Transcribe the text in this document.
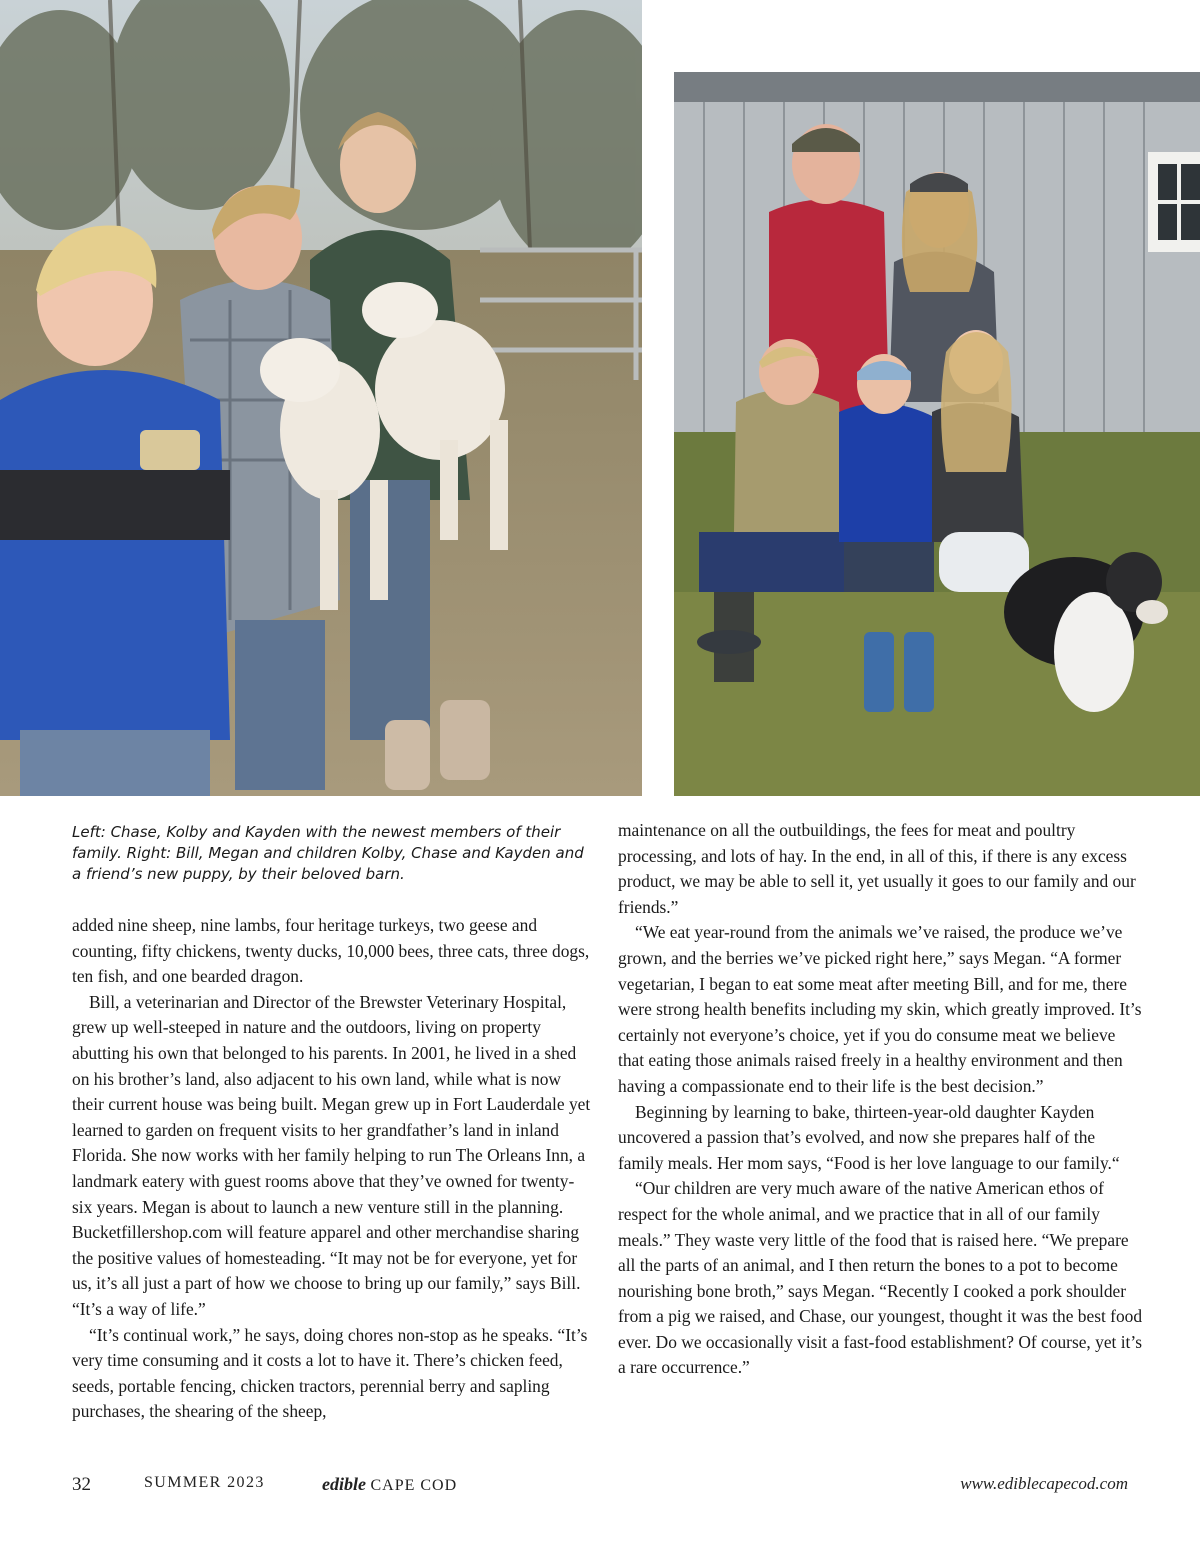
Left: Chase, Kolby and Kayden with the newest members of their family. Right: Bill, Megan and children Kolby, Chase and Kayden and a friend’s new puppy, by their beloved barn.

added nine sheep, nine lambs, four heritage turkeys, two geese and counting, fifty chickens, twenty ducks, 10,000 bees, three cats, three dogs, ten fish, and one bearded dragon.

Bill, a veterinarian and Director of the Brewster Veterinary Hospital, grew up well-steeped in nature and the outdoors, living on property abutting his own that belonged to his parents. In 2001, he lived in a shed on his brother’s land, also adjacent to his own land, while what is now their current house was being built. Megan grew up in Fort Lauderdale yet learned to garden on frequent visits to her grandfather’s land in inland Florida. She now works with her family helping to run The Orleans Inn, a landmark eatery with guest rooms above that they’ve owned for twenty-six years. Megan is about to launch a new venture still in the planning. Bucketfillershop.com will feature apparel and other merchandise sharing the positive values of homesteading. “It may not be for everyone, yet for us, it’s all just a part of how we choose to bring up our family,” says Bill. “It’s a way of life.”

“It’s continual work,” he says, doing chores non-stop as he speaks. “It’s very time consuming and it costs a lot to have it. There’s chicken feed, seeds, portable fencing, chicken tractors, perennial berry and sapling purchases, the shearing of the sheep,

maintenance on all the outbuildings, the fees for meat and poultry processing, and lots of hay. In the end, in all of this, if there is any excess product, we may be able to sell it, yet usually it goes to our family and our friends.”

“We eat year-round from the animals we’ve raised, the produce we’ve grown, and the berries we’ve picked right here,” says Megan. “A former vegetarian, I began to eat some meat after meeting Bill, and for me, there were strong health benefits including my skin, which greatly improved. It’s certainly not everyone’s choice, yet if you do consume meat we believe that eating those animals raised freely in a healthy environment and then having a compassionate end to their life is the best decision.”

Beginning by learning to bake, thirteen-year-old daughter Kayden uncovered a passion that’s evolved, and now she prepares half of the family meals. Her mom says, “Food is her love language to our family.“

“Our children are very much aware of the native American ethos of respect for the whole animal, and we practice that in all of our family meals.” They waste very little of the food that is raised here. “We prepare all the parts of an animal, and I then return the bones to a pot to become nourishing bone broth,” says Megan. “Recently I cooked a pork shoulder from a pig we raised, and Chase, our youngest, thought it was the best food ever. Do we occasionally visit a fast-food establishment? Of course, yet it’s a rare occurrence.”

32	SUMMER 2023	edible CAPE COD	www.ediblecapecod.com
